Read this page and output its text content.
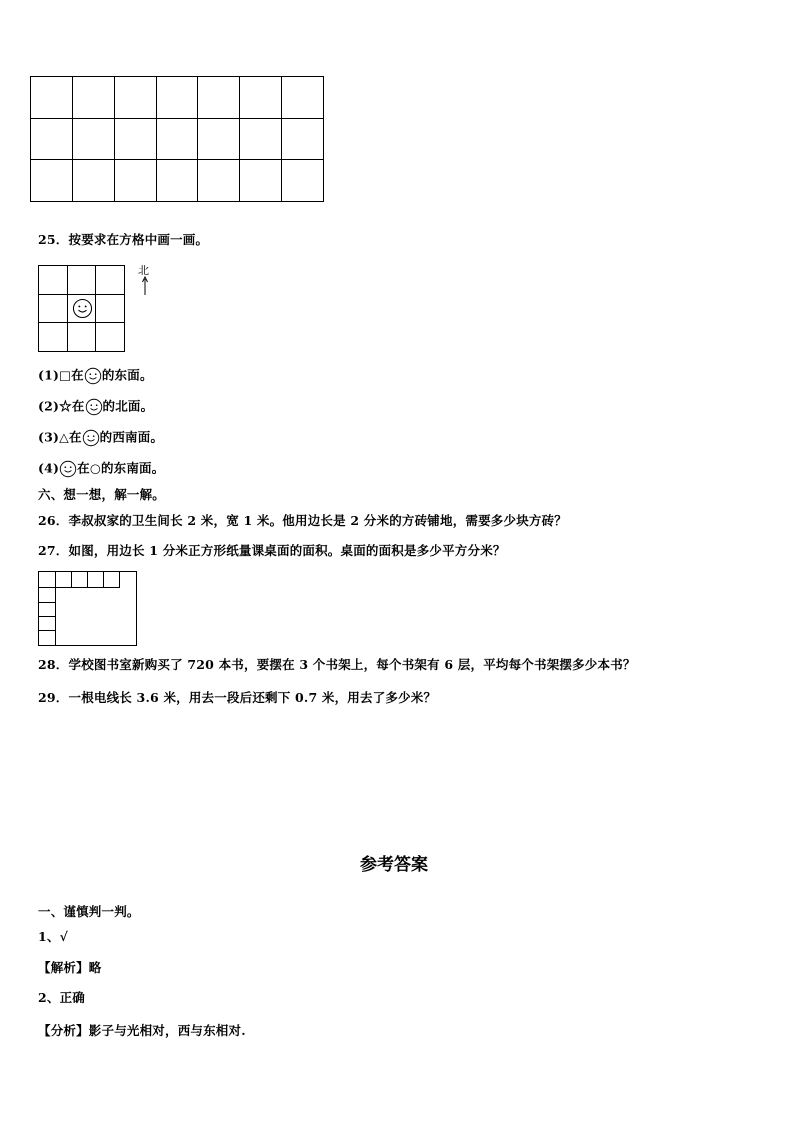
25．按要求在方格中画一画。
北
(1)□在 的东面。
(2)☆在 的北面。
(3)△在 的西南面。
(4) 在○的东南面。
六、想一想，解一解。
26．李叔叔家的卫生间长 2 米，宽 1 米。他用边长是 2 分米的方砖铺地，需要多少块方砖？
27．如图，用边长 1 分米正方形纸量课桌面的面积。桌面的面积是多少平方分米？
28．学校图书室新购买了 720 本书，要摆在 3 个书架上，每个书架有 6 层，平均每个书架摆多少本书？
29．一根电线长 3.6 米，用去一段后还剩下 0.7 米，用去了多少米？
参考答案
一、谨慎判一判。
1、√
【解析】略
2、正确
【分析】影子与光相对，西与东相对.
